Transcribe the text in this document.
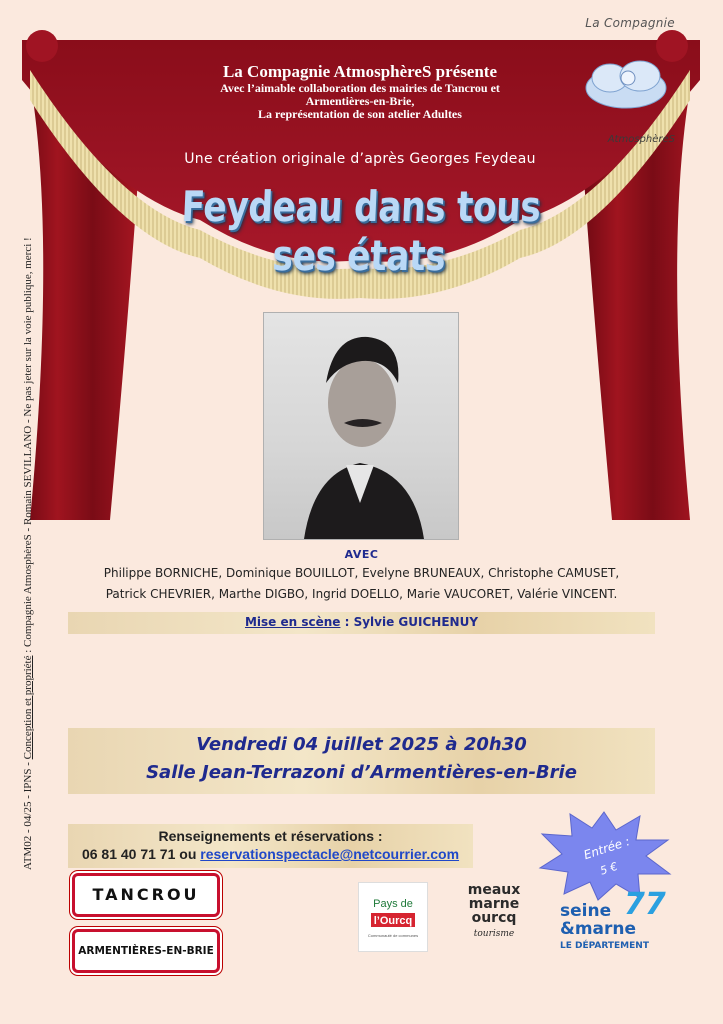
La Compagnie
AtmosphèreS
La Compagnie AtmosphèreS présente
Avec l’aimable collaboration des mairies de Tancrou et
Armentières-en-Brie,
La représentation de son atelier Adultes
Une création originale d’après Georges Feydeau
Feydeau dans tous ses états
ATM02 - 04/25 - IPNS - Conception et propriété : Compagnie AtmosphèreS - Romain SEVILLANO - Ne pas jeter sur la voie publique, merci !	AVEC
Philippe BORNICHE, Dominique BOUILLOT, Evelyne BRUNEAUX, Christophe CAMUSET,
Patrick CHEVRIER, Marthe DIGBO, Ingrid DOELLO, Marie VAUCORET, Valérie VINCENT.
Mise en scène : Sylvie GUICHENUY
Vendredi 04 juillet 2025 à 20h30
Salle Jean-Terrazoni d’Armentières-en-Brie
Renseignements et réservations :
06 81 40 71 71 ou reservationspectacle@netcourrier.com	Entrée :
5 €
TANCROU
ARMENTIÈRES-EN-BRIE
Pays de
l’Ourcq
Communauté de communes
meaux
marne
ourcq
tourisme
seine
&marne
77
LE DÉPARTEMENT
